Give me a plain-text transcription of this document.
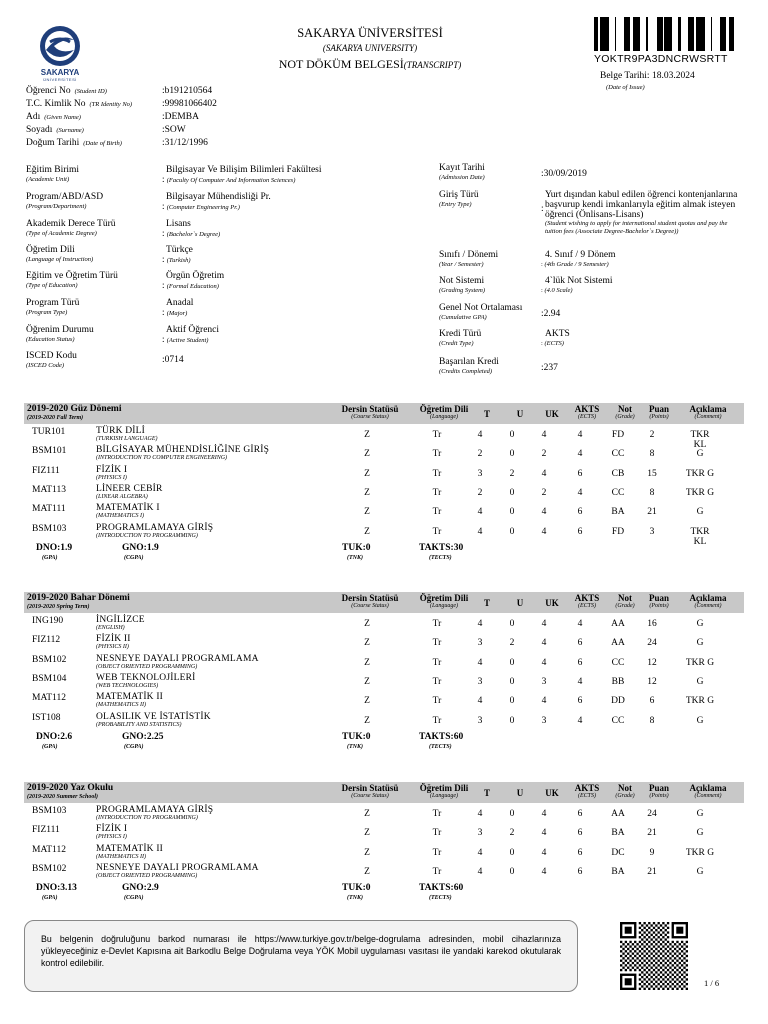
SAKARYA
ÜNİVERSİTESİ
SAKARYA ÜNİVERSİTESİ
(SAKARYA UNIVERSITY)
NOT DÖKÜM BELGESİ(TRANSCRIPT)	YOKTR9PA3DNCRWSRTT
Belge Tarihi: 18.03.2024
(Date of Issue)
Öğrenci No (Student ID)	:b191210564
T.C. Kimlik No (TR Identity No)	:99981066402
Adı (Given Name)	:DEMBA
Soyadı (Surname)	:SOW
Doğum Tarihi (Date of Birth)	:31/12/1996
Eğitim Birimi
(Academic Unit)
Bilgisayar Ve Bilişim Bilimleri Fakültesi
: (Faculty Of Computer And Information Sciences)
Program/ABD/ASD
(Program/Department)
Bilgisayar Mühendisliği Pr.
: (Computer Engineering Pr.)
Akademik Derece Türü
(Type of Academic Degree)
Lisans
: (Bachelor`s Degree)
Öğretim Dili
(Language of Instruction)
Türkçe
: (Turkish)
Eğitim ve Öğretim Türü
(Type of Education)
Örgün Öğretim
: (Formal Education)
Program Türü
(Program Type)
Anadal
: (Major)
Öğrenim Durumu
(Education Status)
Aktif Öğrenci
: (Active Student)
ISCED Kodu
(ISCED Code)
:0714
Kayıt Tarihi
(Admission Date)	:30/09/2019
Giriş Türü
(Entry Type)
Yurt dışından kabul edilen öğrenci kontenjanlarına başvurup kendi imkanlarıyla eğitim almak isteyen öğrenci (Önlisans-Lisans)
(Student wishing to apply for international student quotas and pay the tuition fees (Associate Degree-Bachelor`s Degree))
Sınıfı / Dönemi
(Year / Semester)
4. Sınıf / 9 Dönem
: (4th Grade / 9 Semester)
Not Sistemi
(Grading System)
4`lük Not Sistemi
: (4.0 Scale)
Genel Not Ortalaması
(Cumulative GPA)	:2.94
Kredi Türü
(Credit Type)
AKTS
: (ECTS)
Başarılan Kredi
(Credits Completed)	:237
:
2019-2020 Güz Dönemi
(2019-2020 Fall Term)
Dersin Statüsü
(Course Status)
Öğretim Dili
(Language)	T	U	UK	AKTS
(ECTS)
Not
(Grade)
Puan
(Points)
Açıklama
(Comment)
TUR101	TÜRK DİLİ
(TURKISH LANGUAGE)	Z	Tr	4	0	4	4	FD	2	TKR KL
BSM101	BİLGİSAYAR MÜHENDİSLİĞİNE GİRİŞ
(INTRODUCTION TO COMPUTER ENGINEERING)	Z	Tr	2	0	2	4	CC	8	G
FIZ111	FİZİK I
(PHYSICS I)	Z	Tr	3	2	4	6	CB	15	TKR G
MAT113	LİNEER CEBİR
(LINEAR ALGEBRA)	Z	Tr	2	0	2	4	CC	8	TKR G
MAT111	MATEMATİK I
(MATHEMATICS I)	Z	Tr	4	0	4	6	BA	21	G
BSM103	PROGRAMLAMAYA GİRİŞ
(INTRODUCTION TO PROGRAMMING)	Z	Tr	4	0	4	6	FD	3	TKR KL
DNO:1.9
(GPA)
GNO:1.9
(CGPA)
TUK:0
(TNK)
TAKTS:30
(TECTS)
2019-2020 Bahar Dönemi
(2019-2020 Spring Term)
Dersin Statüsü
(Course Status)
Öğretim Dili
(Language)	T	U	UK	AKTS
(ECTS)
Not
(Grade)
Puan
(Points)
Açıklama
(Comment)
ING190	İNGİLİZCE
(ENGLISH)	Z	Tr	4	0	4	4	AA	16	G
FIZ112	FİZİK II
(PHYSICS II)	Z	Tr	3	2	4	6	AA	24	G
BSM102	NESNEYE DAYALI PROGRAMLAMA
(OBJECT ORIENTED PROGRAMMING)	Z	Tr	4	0	4	6	CC	12	TKR G
BSM104	WEB TEKNOLOJİLERİ
(WEB TECHNOLOGIES)	Z	Tr	3	0	3	4	BB	12	G
MAT112	MATEMATİK II
(MATHEMATICS II)	Z	Tr	4	0	4	6	DD	6	TKR G
IST108	OLASILIK VE İSTATİSTİK
(PROBABILITY AND STATISTICS)	Z	Tr	3	0	3	4	CC	8	G
DNO:2.6
(GPA)
GNO:2.25
(CGPA)
TUK:0
(TNK)
TAKTS:60
(TECTS)
2019-2020 Yaz Okulu
(2019-2020 Summer School)
Dersin Statüsü
(Course Status)
Öğretim Dili
(Language)	T	U	UK	AKTS
(ECTS)
Not
(Grade)
Puan
(Points)
Açıklama
(Comment)
BSM103	PROGRAMLAMAYA GİRİŞ
(INTRODUCTION TO PROGRAMMING)	Z	Tr	4	0	4	6	AA	24	G
FIZ111	FİZİK I
(PHYSICS I)	Z	Tr	3	2	4	6	BA	21	G
MAT112	MATEMATİK II
(MATHEMATICS II)	Z	Tr	4	0	4	6	DC	9	TKR G
BSM102	NESNEYE DAYALI PROGRAMLAMA
(OBJECT ORIENTED PROGRAMMING)	Z	Tr	4	0	4	6	BA	21	G
DNO:3.13
(GPA)
GNO:2.9
(CGPA)
TUK:0
(TNK)
TAKTS:60
(TECTS)
Bu belgenin doğruluğunu barkod numarası ile https://www.turkiye.gov.tr/belge-dogrulama adresinden, mobil cihazlarınıza yükleyeceğiniz e-Devlet Kapısına ait Barkodlu Belge Doğrulama veya YÖK Mobil uygulaması vasıtası ile yandaki karekod okutularak kontrol edilebilir.
1 / 6
